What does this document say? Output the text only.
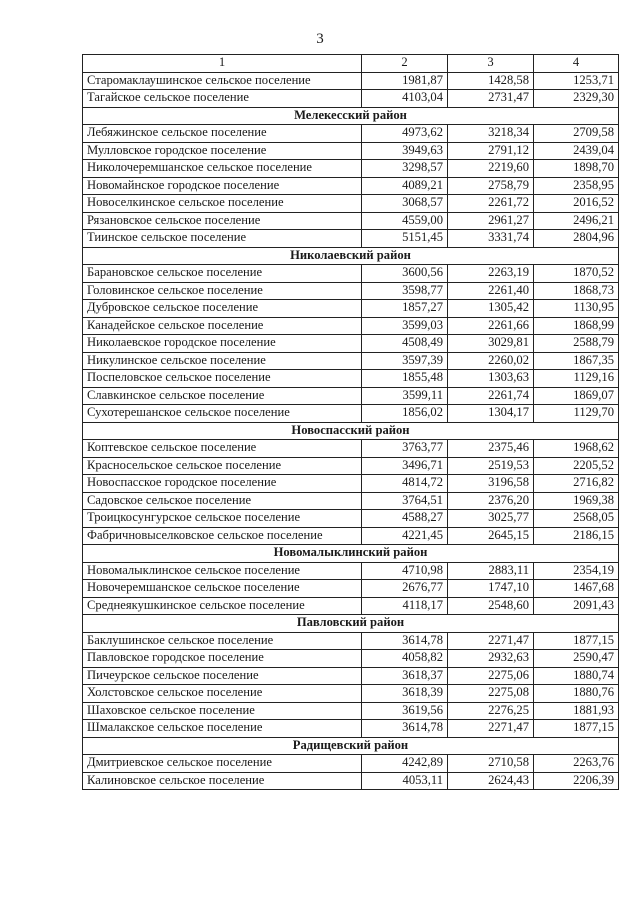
3
1	2	3	4
Старомаклаушинское сельское поселение	1981,87	1428,58	1253,71
Тагайское сельское поселение	4103,04	2731,47	2329,30
Мелекесский район			
Лебяжинское сельское поселение	4973,62	3218,34	2709,58
Мулловское городское поселение	3949,63	2791,12	2439,04
Николочеремшанское сельское поселение	3298,57	2219,60	1898,70
Новомайнское городское поселение	4089,21	2758,79	2358,95
Новоселкинское сельское поселение	3068,57	2261,72	2016,52
Рязановское сельское поселение	4559,00	2961,27	2496,21
Тиинское сельское поселение	5151,45	3331,74	2804,96
Николаевский район			
Барановское сельское поселение	3600,56	2263,19	1870,52
Головинское сельское поселение	3598,77	2261,40	1868,73
Дубровское сельское поселение	1857,27	1305,42	1130,95
Канадейское сельское поселение	3599,03	2261,66	1868,99
Николаевское городское поселение	4508,49	3029,81	2588,79
Никулинское сельское поселение	3597,39	2260,02	1867,35
Поспеловское сельское поселение	1855,48	1303,63	1129,16
Славкинское сельское поселение	3599,11	2261,74	1869,07
Сухотерешанское сельское поселение	1856,02	1304,17	1129,70
Новоспасский район			
Коптевское сельское поселение	3763,77	2375,46	1968,62
Красносельское сельское поселение	3496,71	2519,53	2205,52
Новоспасское городское поселение	4814,72	3196,58	2716,82
Садовское сельское поселение	3764,51	2376,20	1969,38
Троицкосунгурское сельское поселение	4588,27	3025,77	2568,05
Фабричновыселковское сельское поселение	4221,45	2645,15	2186,15
Новомалыклинский район			
Новомалыклинское сельское поселение	4710,98	2883,11	2354,19
Новочеремшанское сельское поселение	2676,77	1747,10	1467,68
Среднеякушкинское сельское поселение	4118,17	2548,60	2091,43
Павловский район			
Баклушинское сельское поселение	3614,78	2271,47	1877,15
Павловское городское поселение	4058,82	2932,63	2590,47
Пичеурское сельское поселение	3618,37	2275,06	1880,74
Холстовское сельское поселение	3618,39	2275,08	1880,76
Шаховское сельское поселение	3619,56	2276,25	1881,93
Шмалакское сельское поселение	3614,78	2271,47	1877,15
Радищевский район			
Дмитриевское сельское поселение	4242,89	2710,58	2263,76
Калиновское сельское поселение	4053,11	2624,43	2206,39
